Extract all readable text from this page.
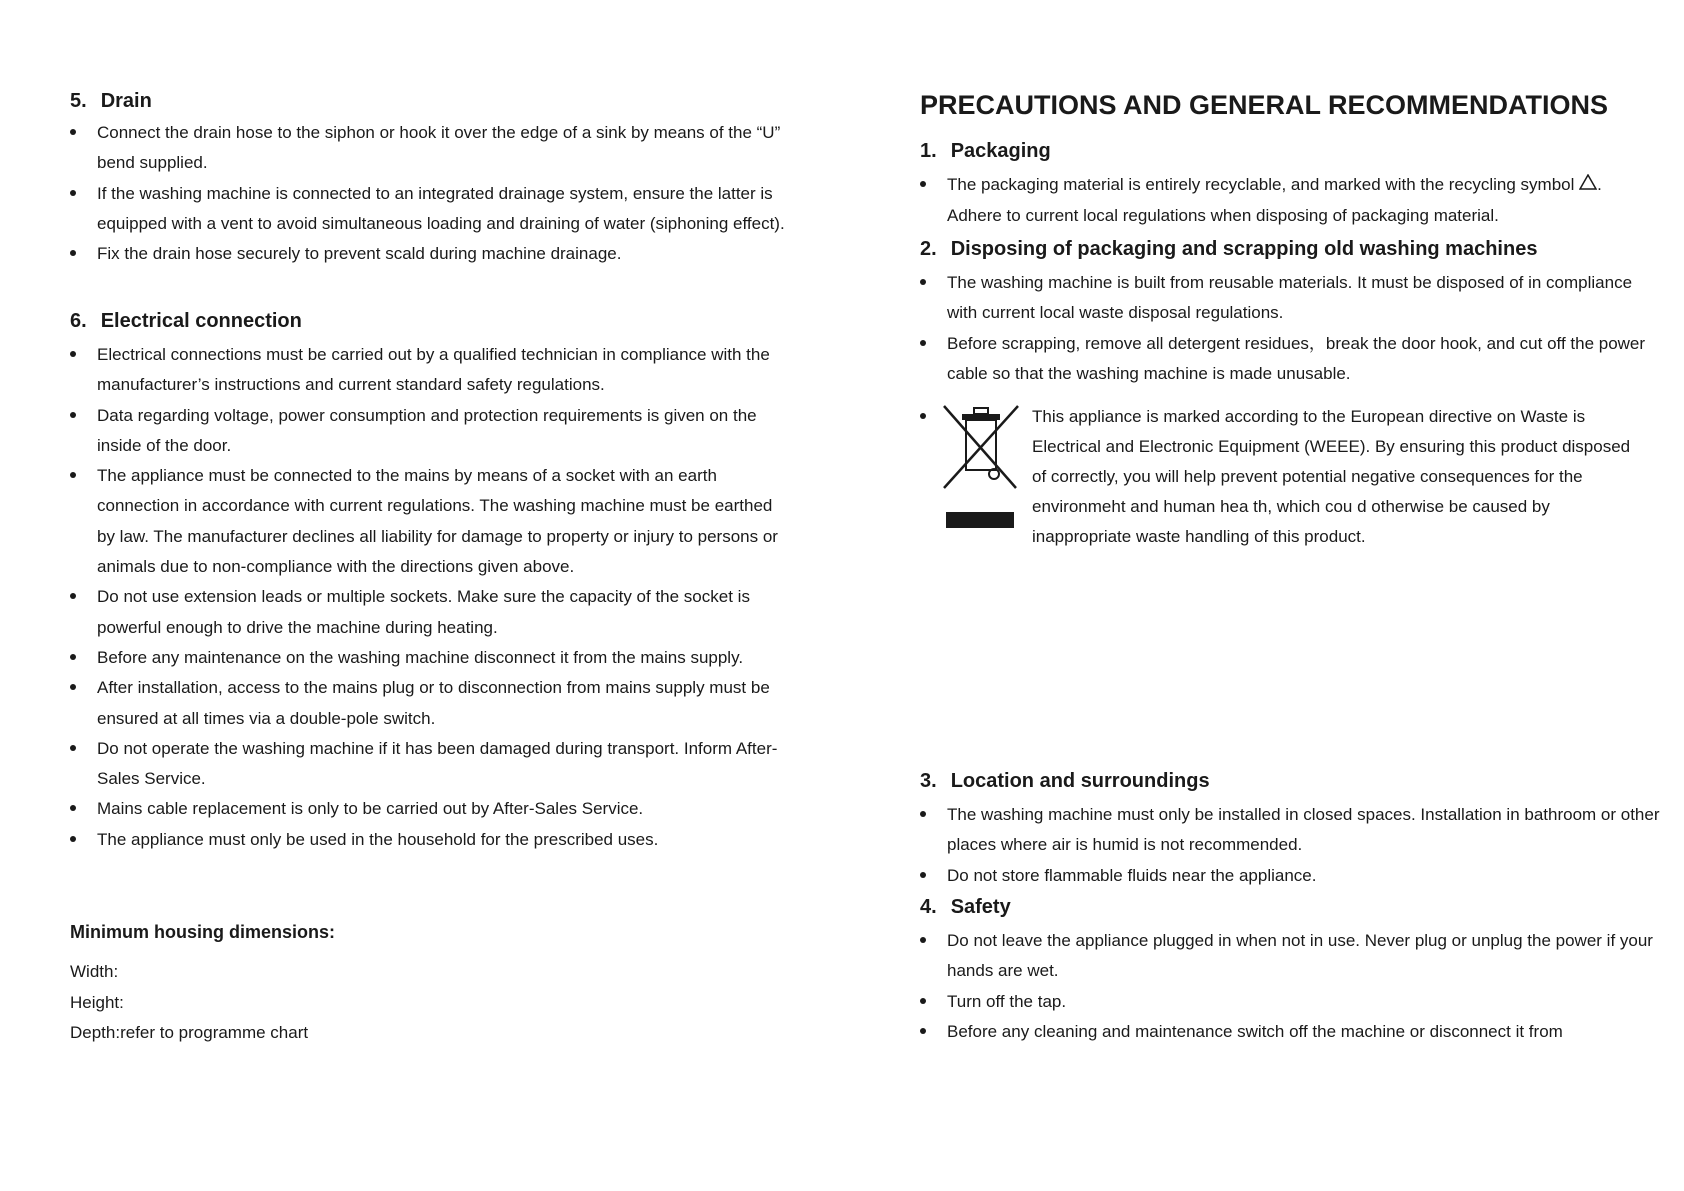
5. Drain
Connect the drain hose to the siphon or hook it over the edge of a sink by means of the “U” bend supplied.
If the washing machine is connected to an integrated drainage system, ensure the latter is equipped with a vent to avoid simultaneous loading and draining of water (siphoning effect).
Fix the drain hose securely to prevent scald during machine drainage.
6. Electrical connection
Electrical connections must be carried out by a qualified technician in compliance with the manufacturer’s instructions and current standard safety regulations.
Data regarding voltage, power consumption and protection requirements is given on the inside of the door.
The appliance must be connected to the mains by means of a socket with an earth connection in accordance with current regulations. The washing machine must be earthed by law. The manufacturer declines all liability for damage to property or injury to persons or animals due to non-compliance with the directions given above.
Do not use extension leads or multiple sockets. Make sure the capacity of the socket is powerful enough to drive the machine during heating.
Before any maintenance on the washing machine disconnect it from the mains supply.
After installation, access to the mains plug or to disconnection from mains supply must be ensured at all times via a double-pole switch.
Do not operate the washing machine if it has been damaged during transport. Inform After-Sales Service.
Mains cable replacement is only to be carried out by After-Sales Service.
The appliance must only be used in the household for the prescribed uses.
Minimum housing dimensions:
Width:
Height:
Depth:refer to programme chart
PRECAUTIONS AND GENERAL RECOMMENDATIONS
1. Packaging
The packaging material is entirely recyclable, and marked with the recycling symbol . Adhere to current local regulations when disposing of packaging material.
2. Disposing of packaging and scrapping old washing machines
The washing machine is built from reusable materials. It must be disposed of in compliance with current local waste disposal regulations.
Before scrapping, remove all detergent residues，break the door hook, and cut off the power cable so that the washing machine is made unusable.
This appliance is marked according to the European directive on Waste is Electrical and Electronic Equipment (WEEE). By ensuring this product disposed of correctly, you will help prevent potential negative consequences for the environmeht and human hea th, which cou d otherwise be caused by inappropriate waste handling of this product.
3. Location and surroundings
The washing machine must only be installed in closed spaces. Installation in bathroom or other places where air is humid is not recommended.
Do not store flammable fluids near the appliance.
4. Safety
Do not leave the appliance plugged in when not in use. Never plug or unplug the power if your hands are wet.
Turn off the tap.
Before any cleaning and maintenance switch off the machine or disconnect it from
